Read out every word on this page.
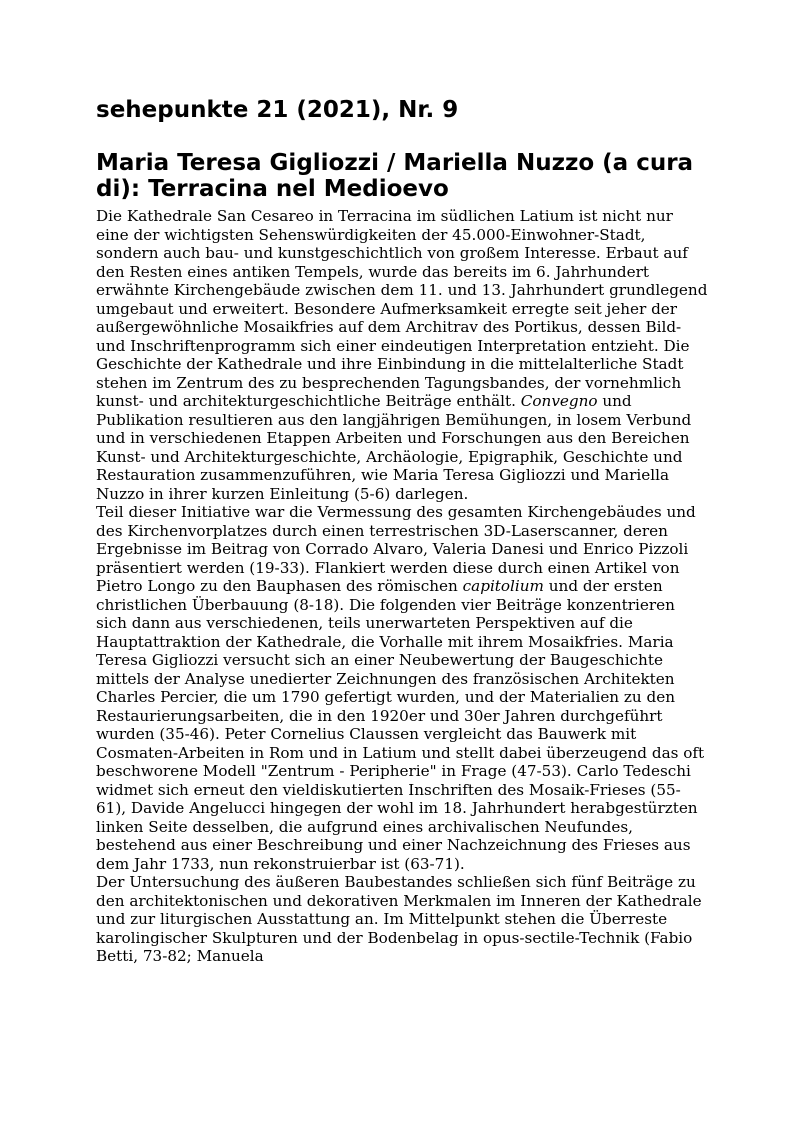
sehepunkte 21 (2021), Nr. 9
Maria Teresa Gigliozzi / Mariella Nuzzo (a cura di): Terracina nel Medioevo

Die Kathedrale San Cesareo in Terracina im südlichen Latium ist nicht nur eine der wichtigsten Sehenswürdigkeiten der 45.000-Einwohner-Stadt, sondern auch bau- und kunstgeschichtlich von großem Interesse. Erbaut auf den Resten eines antiken Tempels, wurde das bereits im 6. Jahrhundert erwähnte Kirchengebäude zwischen dem 11. und 13. Jahrhundert grundlegend umgebaut und erweitert. Besondere Aufmerksamkeit erregte seit jeher der außergewöhnliche Mosaikfries auf dem Architrav des Portikus, dessen Bild- und Inschriftenprogramm sich einer eindeutigen Interpretation entzieht. Die Geschichte der Kathedrale und ihre Einbindung in die mittelalterliche Stadt stehen im Zentrum des zu besprechenden Tagungsbandes, der vornehmlich kunst- und architekturgeschichtliche Beiträge enthält. Convegno und Publikation resultieren aus den langjährigen Bemühungen, in losem Verbund und in verschiedenen Etappen Arbeiten und Forschungen aus den Bereichen Kunst- und Architekturgeschichte, Archäologie, Epigraphik, Geschichte und Restauration zusammenzuführen, wie Maria Teresa Gigliozzi und Mariella Nuzzo in ihrer kurzen Einleitung (5-6) darlegen.

Teil dieser Initiative war die Vermessung des gesamten Kirchengebäudes und des Kirchenvorplatzes durch einen terrestrischen 3D-Laserscanner, deren Ergebnisse im Beitrag von Corrado Alvaro, Valeria Danesi und Enrico Pizzoli präsentiert werden (19-33). Flankiert werden diese durch einen Artikel von Pietro Longo zu den Bauphasen des römischen capitolium und der ersten christlichen Überbauung (8-18). Die folgenden vier Beiträge konzentrieren sich dann aus verschiedenen, teils unerwarteten Perspektiven auf die Hauptattraktion der Kathedrale, die Vorhalle mit ihrem Mosaikfries. Maria Teresa Gigliozzi versucht sich an einer Neubewertung der Baugeschichte mittels der Analyse unedierter Zeichnungen des französischen Architekten Charles Percier, die um 1790 gefertigt wurden, und der Materialien zu den Restaurierungsarbeiten, die in den 1920er und 30er Jahren durchgeführt wurden (35-46). Peter Cornelius Claussen vergleicht das Bauwerk mit Cosmaten-Arbeiten in Rom und in Latium und stellt dabei überzeugend das oft beschworene Modell "Zentrum - Peripherie" in Frage (47-53). Carlo Tedeschi widmet sich erneut den vieldiskutierten Inschriften des Mosaik-Frieses (55-61), Davide Angelucci hingegen der wohl im 18. Jahrhundert herabgestürzten linken Seite desselben, die aufgrund eines archivalischen Neufundes, bestehend aus einer Beschreibung und einer Nachzeichnung des Frieses aus dem Jahr 1733, nun rekonstruierbar ist (63-71).

Der Untersuchung des äußeren Baubestandes schließen sich fünf Beiträge zu den architektonischen und dekorativen Merkmalen im Inneren der Kathedrale und zur liturgischen Ausstattung an. Im Mittelpunkt stehen die Überreste karolingischer Skulpturen und der Bodenbelag in opus-sectile-Technik (Fabio Betti, 73-82; Manuela
